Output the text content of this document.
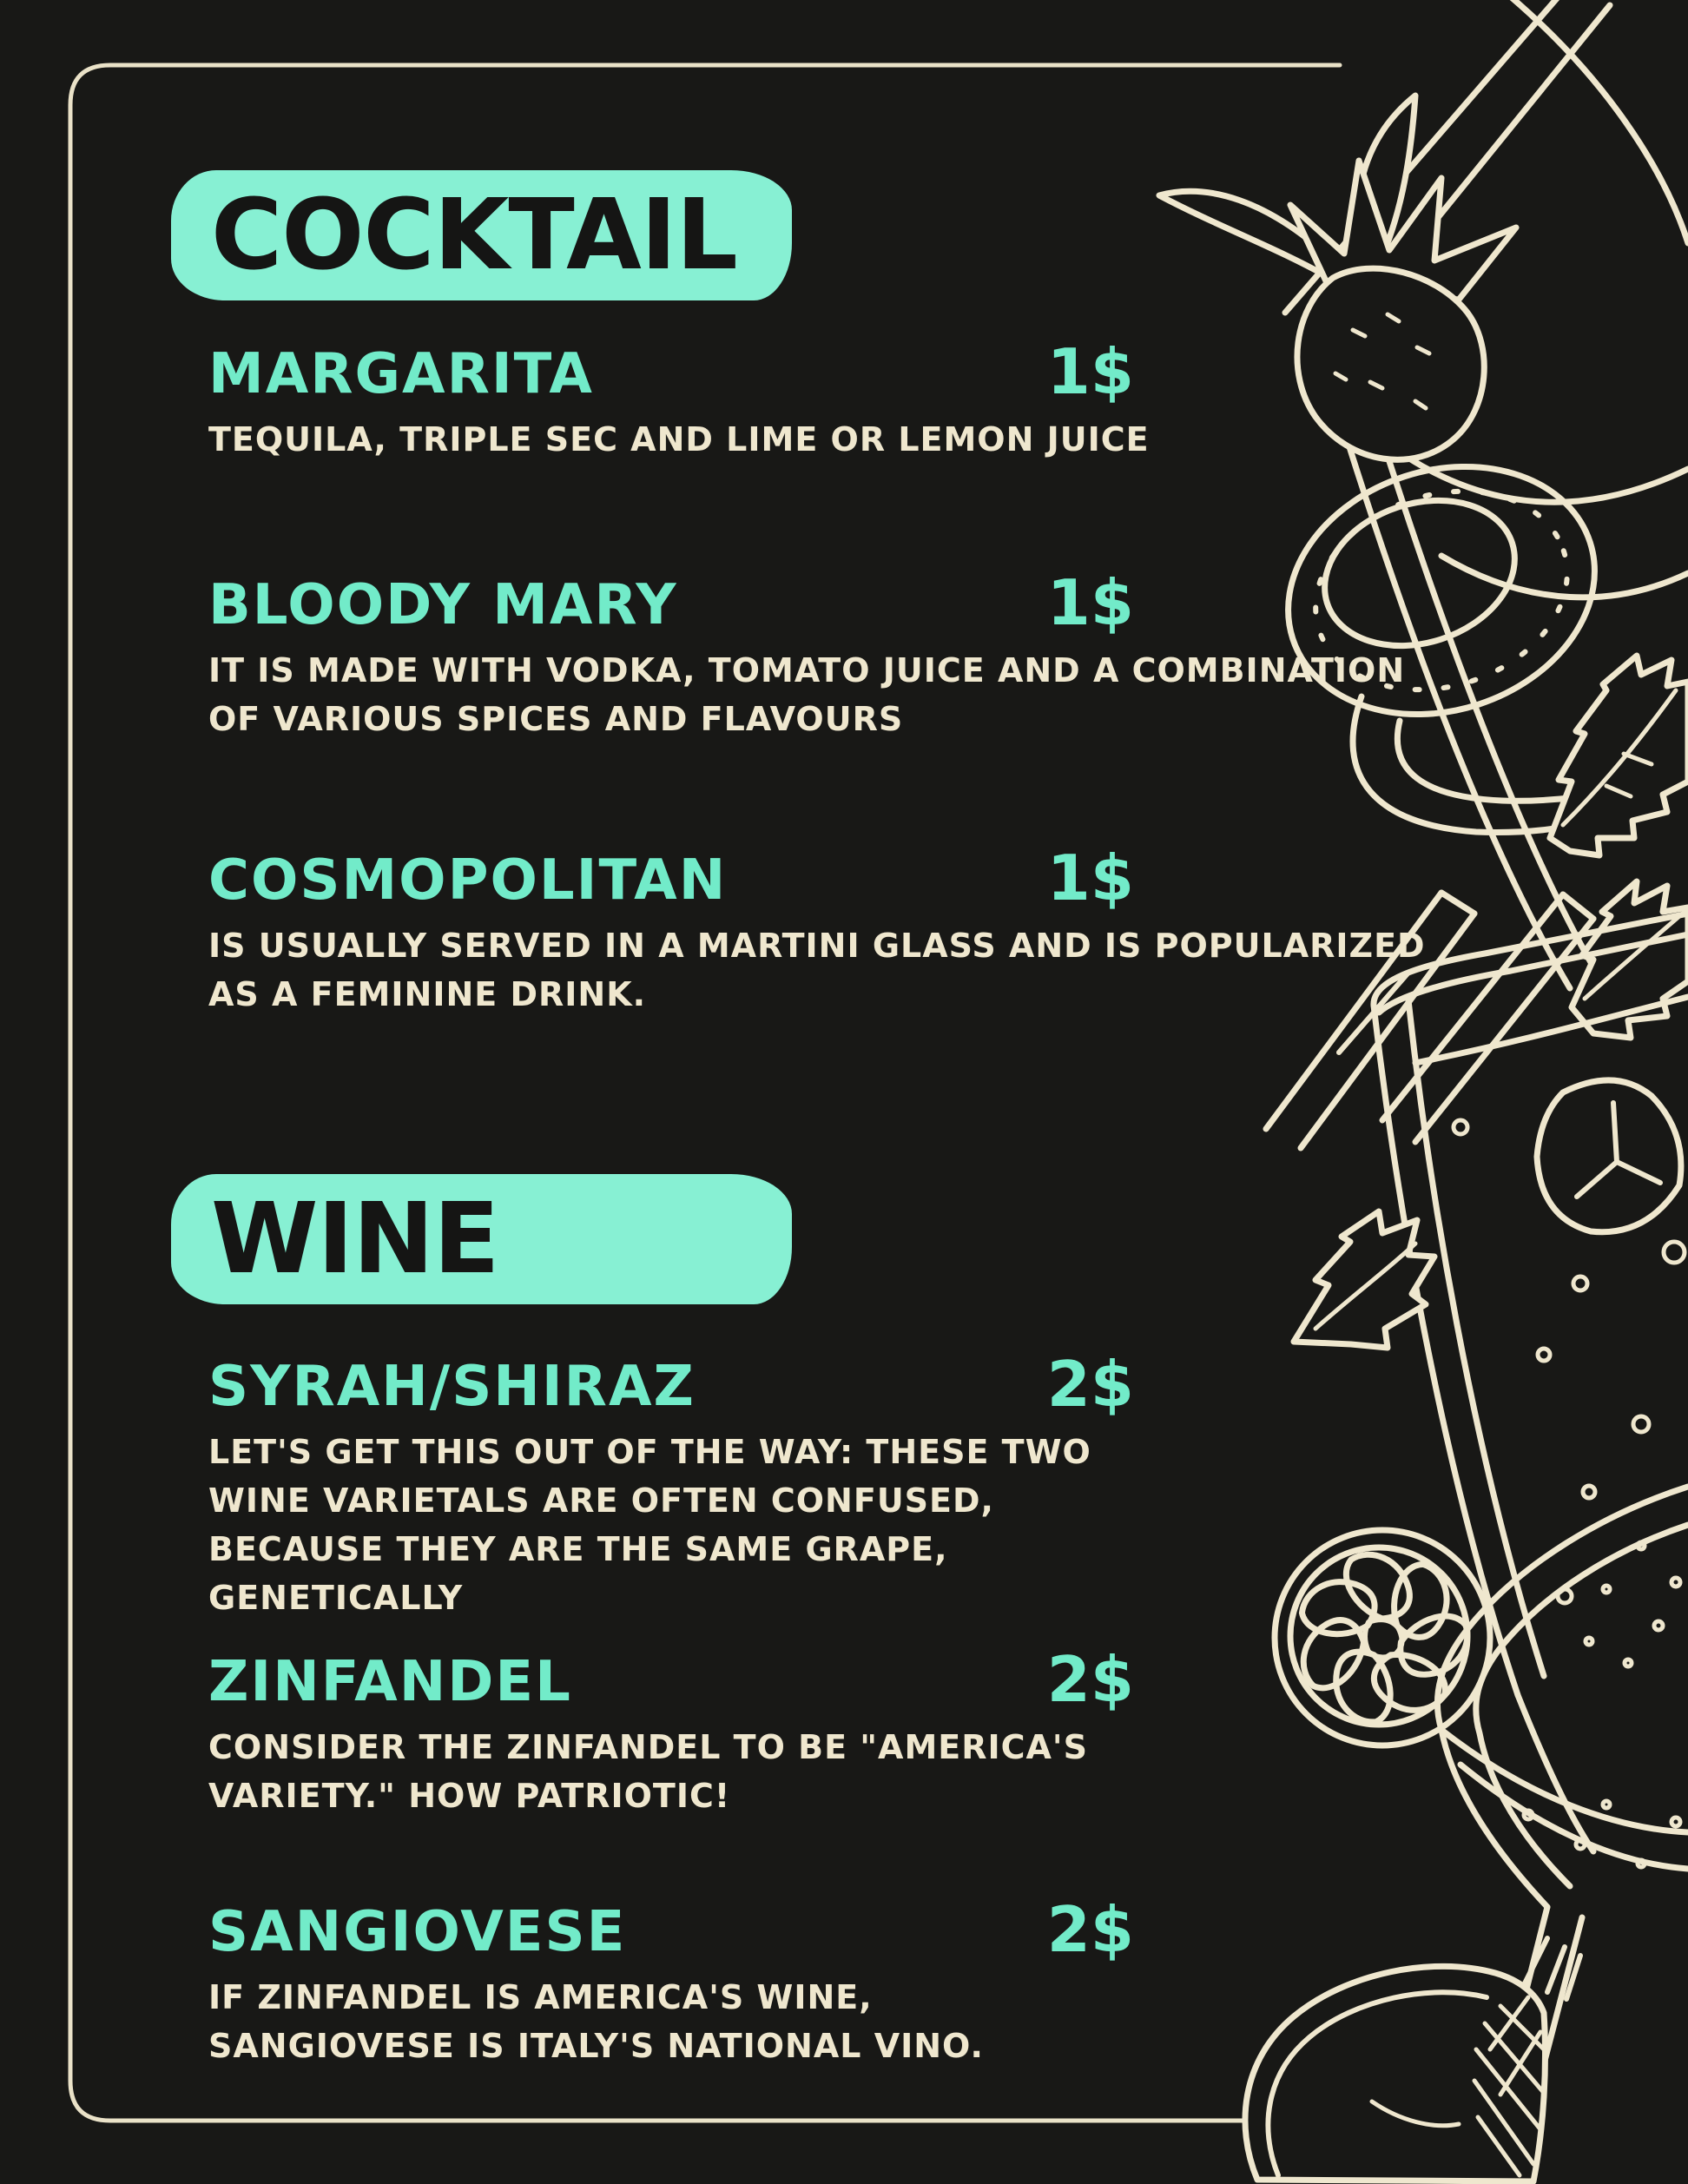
COCKTAIL
MARGARITA
TEQUILA, TRIPLE SEC AND LIME OR LEMON JUICE
1$
BLOODY MARY
IT IS MADE WITH VODKA, TOMATO JUICE AND A COMBINATION OF VARIOUS SPICES AND FLAVOURS
1$
COSMOPOLITAN
IS USUALLY SERVED IN A MARTINI GLASS AND IS POPULARIZED AS A FEMININE DRINK.
1$
WINE
SYRAH/SHIRAZ
LET'S GET THIS OUT OF THE WAY: THESE TWO WINE VARIETALS ARE OFTEN CONFUSED, BECAUSE THEY ARE THE SAME GRAPE, GENETICALLY
2$
ZINFANDEL
CONSIDER THE ZINFANDEL TO BE "AMERICA'S VARIETY." HOW PATRIOTIC!
2$
SANGIOVESE
IF ZINFANDEL IS AMERICA'S WINE, SANGIOVESE IS ITALY'S NATIONAL VINO.
2$
